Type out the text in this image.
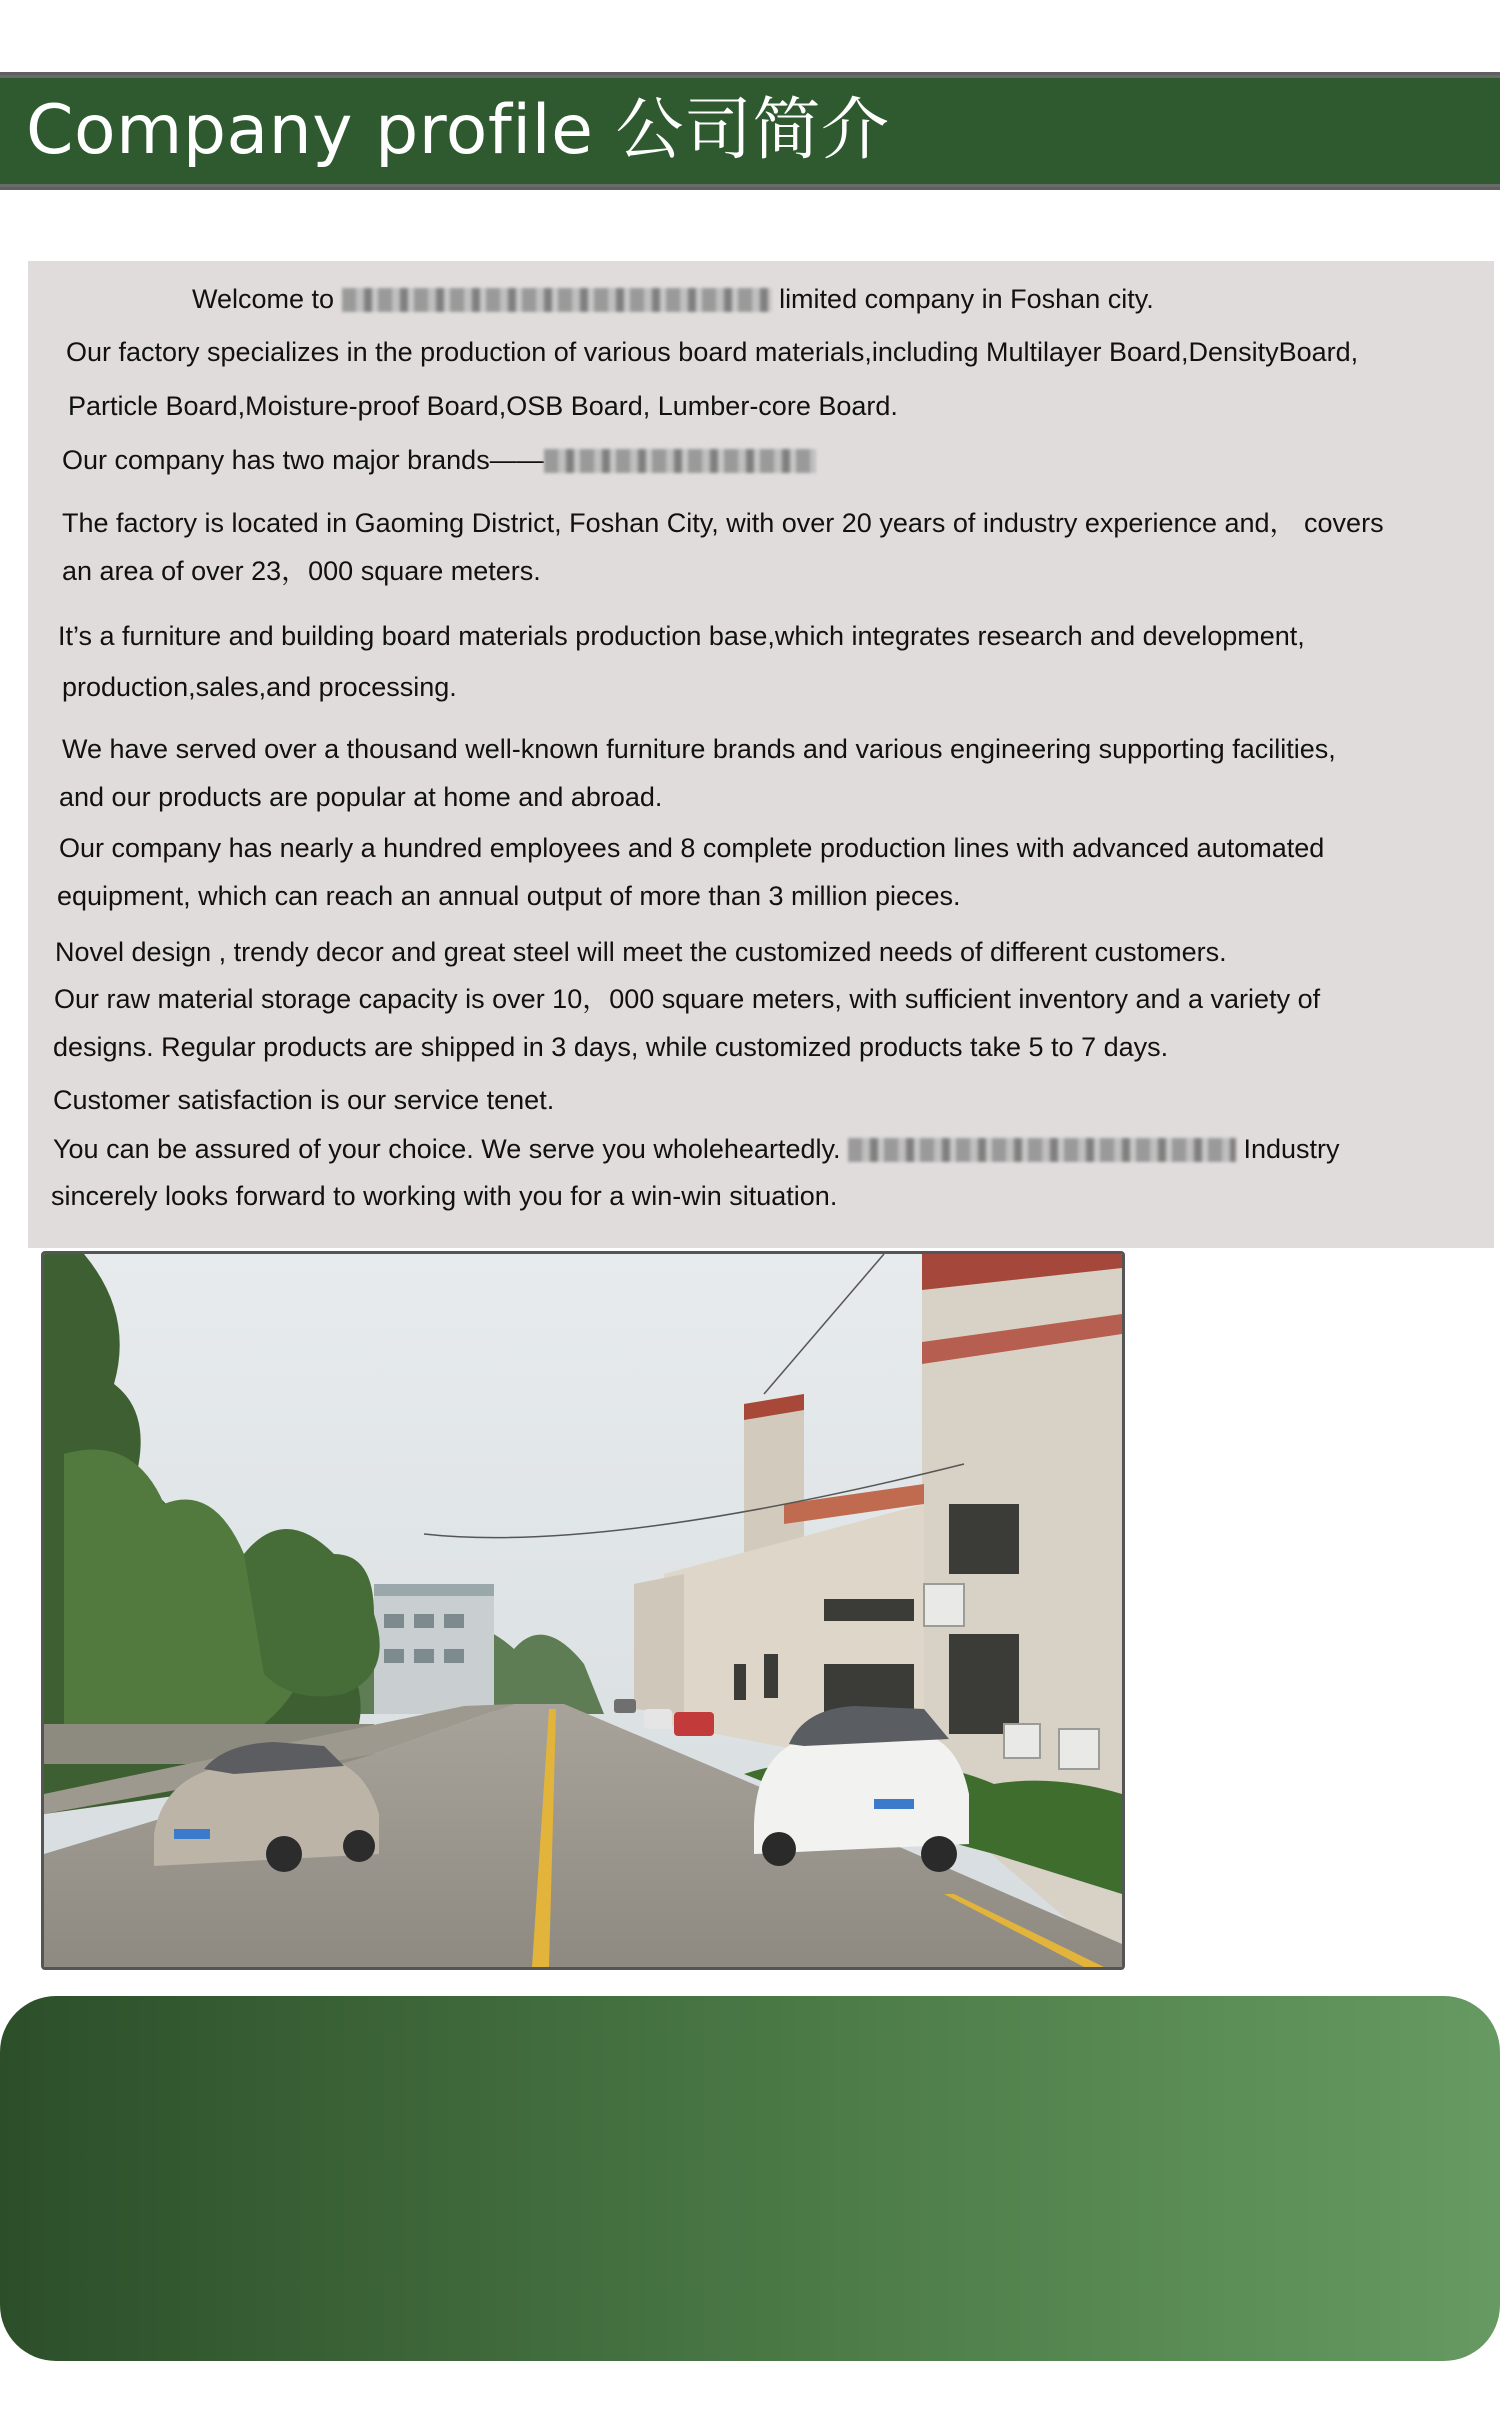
Company profile 公司简介
Welcome to	limited company in Foshan city.
Our factory specializes in the production of various board materials,including Multilayer Board,DensityBoard,
Particle Board,Moisture-proof Board,OSB Board, Lumber-core Board.
Our company has two major brands——
The factory is located in Gaoming District, Foshan City, with over 20 years of industry experience and， covers
an area of over 23，000 square meters.
It’s a furniture and building board materials production base,which integrates research and development,
production,sales,and processing.
We have served over a thousand well-known furniture brands and various engineering supporting facilities,
and our products are popular at home and abroad.
Our company has nearly a hundred employees and 8 complete production lines with advanced automated
equipment, which can reach an annual output of more than 3 million pieces.
Novel design , trendy decor and great steel will meet the customized needs of different customers.
Our raw material storage capacity is over 10，000 square meters, with sufficient inventory and a variety of
designs. Regular products are shipped in 3 days, while customized products take 5 to 7 days.
Customer satisfaction is our service tenet.
You can be assured of your choice. We serve you wholeheartedly.	Industry
sincerely looks forward to working with you for a win-win situation.
